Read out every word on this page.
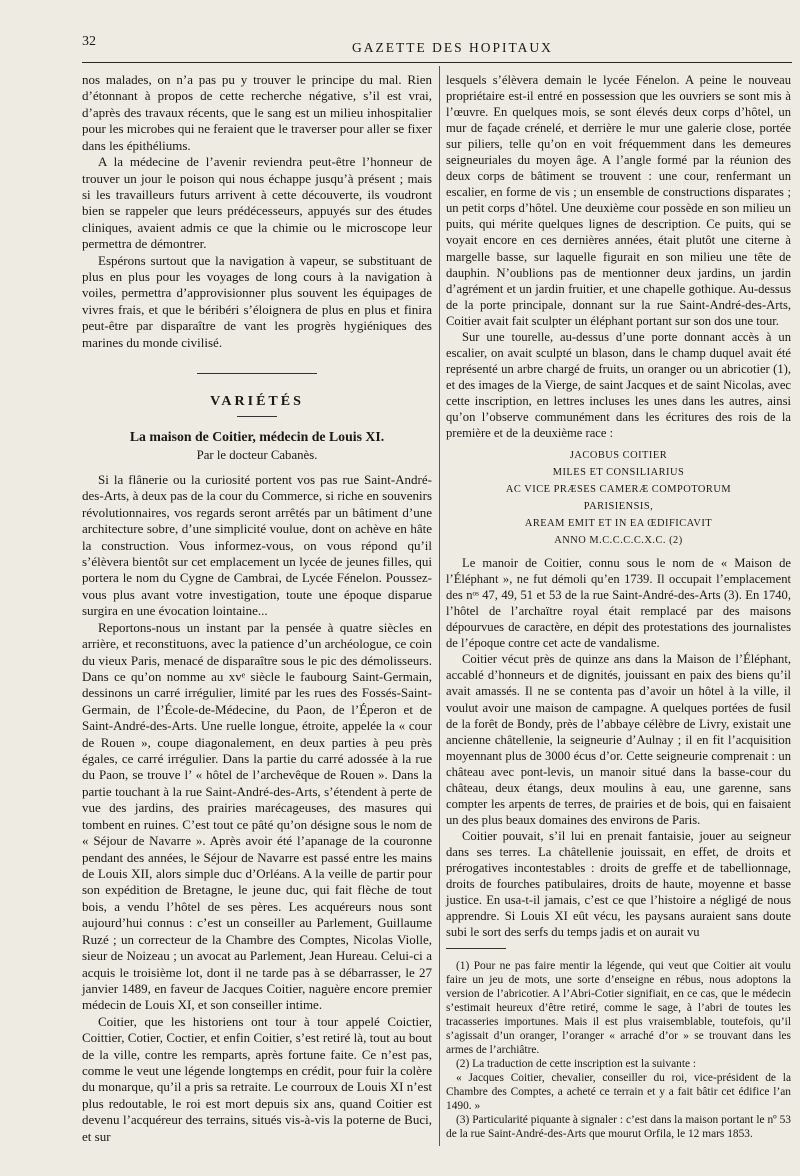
32	GAZETTE DES HOPITAUX

nos malades, on n’a pas pu y trouver le principe du mal. Rien d’étonnant à propos de cette recherche négative, s’il est vrai, d’après des travaux récents, que le sang est un milieu inhospitalier pour les microbes qui ne feraient que le traverser pour aller se fixer dans les épithéliums.

A la médecine de l’avenir reviendra peut-être l’honneur de trouver un jour le poison qui nous échappe jusqu’à présent ; mais si les travailleurs futurs arrivent à cette découverte, ils voudront bien se rappeler que leurs prédécesseurs, appuyés sur des études cliniques, avaient admis ce que la chimie ou le microscope leur permettra de démontrer.

Espérons surtout que la navigation à vapeur, se substituant de plus en plus pour les voyages de long cours à la navigation à voiles, permettra d’approvisionner plus souvent les équipages de vivres frais, et que le béribéri s’éloignera de plus en plus et finira peut-être par disparaître de vant les progrès hygiéniques des marines du monde civilisé.

VARIÉTÉS
La maison de Coitier, médecin de Louis XI.
Par le docteur Cabanès.

Si la flânerie ou la curiosité portent vos pas rue Saint-André-des-Arts, à deux pas de la cour du Commerce, si riche en souvenirs révolutionnaires, vos regards seront arrêtés par un bâtiment d’une architecture sobre, d’une simplicité voulue, dont on achève en hâte la construction. Vous informez-vous, on vous répond qu’il s’élèvera bientôt sur cet emplacement un lycée de jeunes filles, qui portera le nom du Cygne de Cambrai, de Lycée Fénelon. Poussez-vous plus avant votre investigation, toute une époque disparue surgira en une évocation lointaine...

Reportons-nous un instant par la pensée à quatre siècles en arrière, et reconstituons, avec la patience d’un archéologue, ce coin du vieux Paris, menacé de disparaître sous le pic des démolisseurs. Dans ce qu’on nomme au xvᵉ siècle le faubourg Saint-Germain, dessinons un carré irrégulier, limité par les rues des Fossés-Saint-Germain, de l’École-de-Médecine, du Paon, de l’Éperon et de Saint-André-des-Arts. Une ruelle longue, étroite, appelée la « cour de Rouen », coupe diagonalement, en deux parties à peu près égales, ce carré irrégulier. Dans la partie du carré adossée à la rue du Paon, se trouve l’ « hôtel de l’archevêque de Rouen ». Dans la partie touchant à la rue Saint-André-des-Arts, s’étendent à perte de vue des jardins, des prairies marécageuses, des masures qui tombent en ruines. C’est tout ce pâté qu’on désigne sous le nom de « Séjour de Navarre ». Après avoir été l’apanage de la couronne pendant des années, le Séjour de Navarre est passé entre les mains de Louis XII, alors simple duc d’Orléans. A la veille de partir pour son expédition de Bretagne, le jeune duc, qui fait flèche de tout bois, a vendu l’hôtel de ses pères. Les acquéreurs nous sont aujourd’hui connus : c’est un conseiller au Parlement, Guillaume Ruzé ; un correcteur de la Chambre des Comptes, Nicolas Violle, sieur de Noizeau ; un avocat au Parlement, Jean Hureau. Celui-ci a acquis le troisième lot, dont il ne tarde pas à se débarrasser, le 27 janvier 1489, en faveur de Jacques Coitier, naguère encore premier médecin de Louis XI, et son conseiller intime.

Coitier, que les historiens ont tour à tour appelé Coictier, Coittier, Cotier, Coctier, et enfin Coitier, s’est retiré là, tout au bout de la ville, contre les remparts, après fortune faite. Ce n’est pas, comme le veut une légende longtemps en crédit, pour fuir la colère du monarque, qu’il a pris sa retraite. Le courroux de Louis XI n’est plus redoutable, le roi est mort depuis six ans, quand Coitier est devenu l’acquéreur des terrains, situés vis-à-vis la poterne de Buci, et sur

lesquels s’élèvera demain le lycée Fénelon. A peine le nouveau propriétaire est-il entré en possession que les ouvriers se sont mis à l’œuvre. En quelques mois, se sont élevés deux corps d’hôtel, un mur de façade crénelé, et derrière le mur une galerie close, portée sur piliers, telle qu’on en voit fréquemment dans les demeures seigneuriales du moyen âge. A l’angle formé par la réunion des deux corps de bâtiment se trouvent : une cour, renfermant un escalier, en forme de vis ; un ensemble de constructions disparates ; un petit corps d’hôtel. Une deuxième cour possède en son milieu un puits, qui mérite quelques lignes de description. Ce puits, qui se voyait encore en ces dernières années, était plutôt une citerne à margelle basse, sur laquelle figurait en son milieu une tête de dauphin. N’oublions pas de mentionner deux jardins, un jardin d’agrément et un jardin fruitier, et une chapelle gothique. Au-dessus de la porte principale, donnant sur la rue Saint-André-des-Arts, Coitier avait fait sculpter un éléphant portant sur son dos une tour.

Sur une tourelle, au-dessus d’une porte donnant accès à un escalier, on avait sculpté un blason, dans le champ duquel avait été représenté un arbre chargé de fruits, un oranger ou un abricotier (1), et des images de la Vierge, de saint Jacques et de saint Nicolas, avec cette inscription, en lettres incluses les unes dans les autres, ainsi qu’on l’observe communément dans les écritures des rois de la première et de la deuxième race :

JACOBUS COITIER
MILES ET CONSILIARIUS
AC VICE PRÆSES CAMERÆ COMPOTORUM
PARISIENSIS,
AREAM EMIT ET IN EA ŒDIFICAVIT
ANNO M.C.C.C.C.X.C. (2)

Le manoir de Coitier, connu sous le nom de « Maison de l’Éléphant », ne fut démoli qu’en 1739. Il occupait l’emplacement des nᵒˢ 47, 49, 51 et 53 de la rue Saint-André-des-Arts (3). En 1740, l’hôtel de l’archaïtre royal était remplacé par des maisons dépourvues de caractère, en dépit des protestations des journalistes de l’époque contre cet acte de vandalisme.

Coitier vécut près de quinze ans dans la Maison de l’Éléphant, accablé d’honneurs et de dignités, jouissant en paix des biens qu’il avait amassés. Il ne se contenta pas d’avoir un hôtel à la ville, il voulut avoir une maison de campagne. A quelques portées de fusil de la forêt de Bondy, près de l’abbaye célèbre de Livry, existait une ancienne châtellenie, la seigneurie d’Aulnay ; il en fit l’acquisition moyennant plus de 3000 écus d’or. Cette seigneurie comprenait : un château avec pont-levis, un manoir situé dans la basse-cour du château, deux étangs, deux moulins à eau, une garenne, sans compter les arpents de terres, de prairies et de bois, qui en faisaient un des plus beaux domaines des environs de Paris.

Coitier pouvait, s’il lui en prenait fantaisie, jouer au seigneur dans ses terres. La châtellenie jouissait, en effet, de droits et prérogatives incontestables : droits de greffe et de tabellionnage, droits de fourches patibulaires, droits de haute, moyenne et basse justice. En usa-t-il jamais, c’est ce que l’histoire a négligé de nous apprendre. Si Louis XI eût vécu, les paysans auraient sans doute subi le sort des serfs du temps jadis et on aurait vu

(1) Pour ne pas faire mentir la légende, qui veut que Coitier ait voulu faire un jeu de mots, une sorte d’enseigne en rébus, nous adoptons la version de l’abricotier. A l’Abri-Cotier signifiait, en ce cas, que le médecin s’estimait heureux d’être retiré, comme le sage, à l’abri de toutes les tracasseries importunes. Mais il est plus vraisemblable, toutefois, qu’il s’agissait d’un oranger, l’oranger « arraché d’or » se trouvant dans les armes de l’archiâtre.

(2) La traduction de cette inscription est la suivante :

« Jacques Coitier, chevalier, conseiller du roi, vice-président de la Chambre des Comptes, a acheté ce terrain et y a fait bâtir cet édifice l’an 1490. »

(3) Particularité piquante à signaler : c’est dans la maison portant le nº 53 de la rue Saint-André-des-Arts que mourut Orfila, le 12 mars 1853.
